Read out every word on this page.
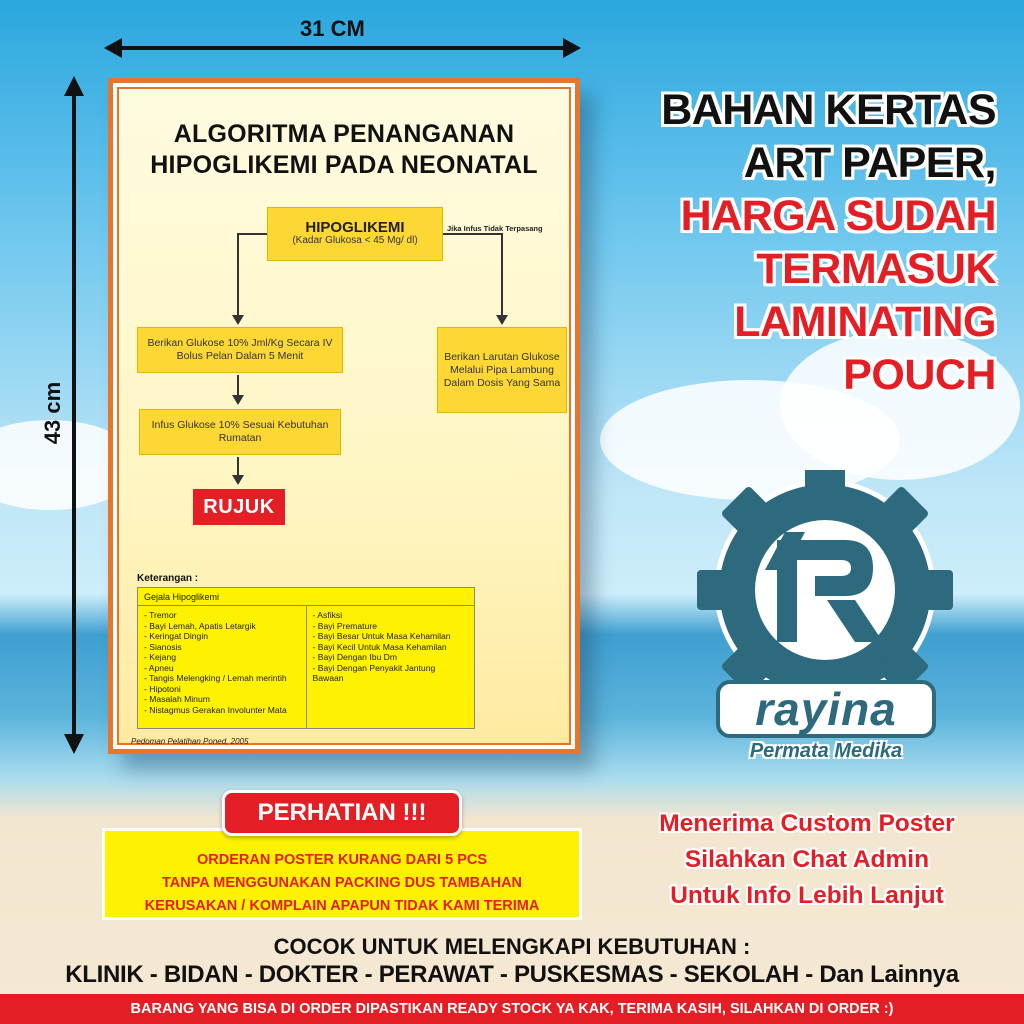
31 CM
43 cm
ALGORITMA PENANGANAN
HIPOGLIKEMI PADA NEONATAL
HIPOGLIKEMI
(Kadar Glukosa < 45 Mg/ dl)
Jika Infus Tidak Terpasang
Berikan Glukose 10% Jml/Kg Secara IV Bolus Pelan Dalam 5 Menit
Infus Glukose 10% Sesuai Kebutuhan Rumatan
RUJUK
Berikan Larutan Glukose Melalui Pipa Lambung Dalam Dosis Yang Sama
Keterangan :
Gejala Hipoglikemi
- Tremor
- Bayi Lemah, Apatis Letargik
- Keringat Dingin
- Sianosis
- Kejang
- Apneu
- Tangis Melengking / Lemah merintih
- Hipotoni
- Masalah Minum
- Nistagmus Gerakan Involunter Mata
- Asfiksi
- Bayi Premature
- Bayi Besar Untuk Masa Kehamilan
- Bayi Kecil Untuk Masa Kehamilan
- Bayi Dengan Ibu Dm
- Bayi Dengan Penyakit Jantung
Bawaan
Pedoman Pelatihan Poned, 2005
BAHAN KERTAS
ART PAPER,
HARGA SUDAH
TERMASUK
LAMINATING
POUCH
rayina
Permata Medika
ORDERAN POSTER KURANG DARI 5 PCS
TANPA MENGGUNAKAN PACKING DUS TAMBAHAN
KERUSAKAN / KOMPLAIN APAPUN TIDAK KAMI TERIMA
PERHATIAN !!!	Menerima Custom Poster
Silahkan Chat Admin
Untuk Info Lebih Lanjut
COCOK UNTUK MELENGKAPI KEBUTUHAN :
KLINIK - BIDAN - DOKTER - PERAWAT - PUSKESMAS - SEKOLAH - Dan Lainnya
BARANG YANG BISA DI ORDER DIPASTIKAN READY STOCK YA KAK, TERIMA KASIH, SILAHKAN DI ORDER :)
